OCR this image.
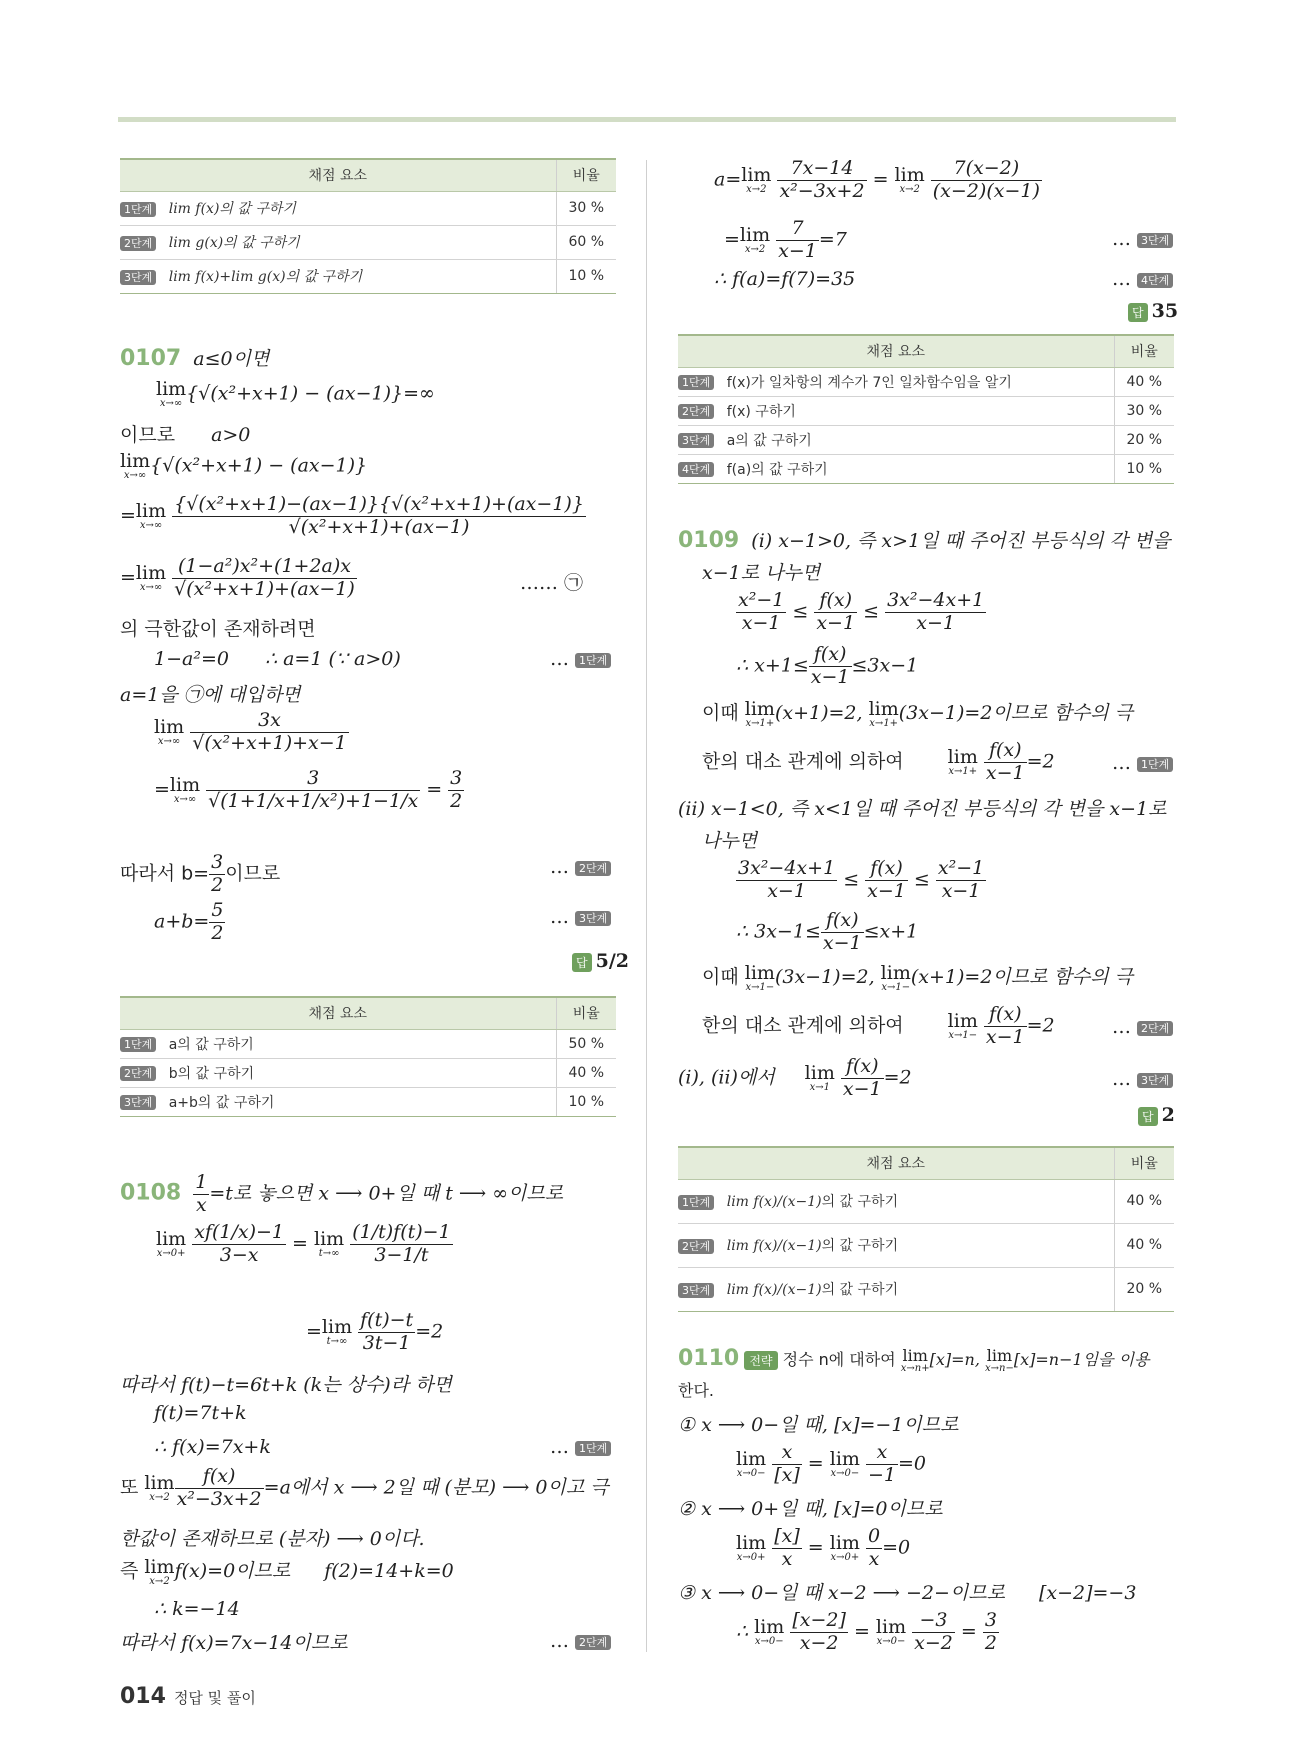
채점 요소	비율
1단계 lim f(x)의 값 구하기	30 %
2단계 lim g(x)의 값 구하기	60 %
3단계 lim f(x)+lim g(x)의 값 구하기	10 %
0107 a≤0이면
lim
x→∞ {√(x²+x+1) − (ax−1)}=∞
이므로 a>0
lim
x→∞ {√(x²+x+1) − (ax−1)}
= lim
x→∞
$\frac{\text{\{√(x²+x+1)−(ax−1)\}\{√(x²+x+1)+(ax−1)\}}}{\text{√(x²+x+1)+(ax−1)}}$
= lim
x→∞
$\frac{\text{(1−a²)x²+(1+2a)x}}{\text{√(x²+x+1)+(ax−1)}}$	…… ㉠
의 극한값이 존재하려면
1−a²=0 ∴ a=1 (∵ a>0)	… 1단계
a=1을 ㉠에 대입하면
lim
x→∞
$\frac{3x}{\text{√(x²+x+1)+x−1}}$
= lim
x→∞
$\frac{3}{\text{√(1+1/x+1/x²)+1−1/x}} = \frac{3}{2}$
따라서 $b= \frac{3}{2}$ 이므로	… 2단계
$a+b= \frac{5}{2}$	… 3단계
답 5/2
채점 요소	비율
1단계 a의 값 구하기	50 %
2단계 b의 값 구하기	40 %
3단계 a+b의 값 구하기	10 %
$0108 \frac{1}{x} =t$로 놓으면 x ⟶ 0+일 때 t ⟶ ∞이므로
lim
x→0+
$\frac{xf(1/x)-1}{3-x} = \lim$
t→∞
$\frac{(1/t)f(t)-1}{3-1/t}$
= lim
t→∞
$\frac{f(t)-t}{3t-1} =2$
따라서 f(t)−t=6t+k (k는 상수)라 하면
f(t)=7t+k
∴ f(x)=7x+k	… 1단계
또 lim
$x\to 2 \frac{f(x)}{\text{x²−3x+2}} =a$에서 x ⟶ 2일 때 (분모) ⟶ 0이고 극
한값이 존재하므로 (분자) ⟶ 0이다.
즉 lim
x→2 f(x)=0이므로 f(2)=14+k=0
∴ k=−14
따라서 f(x)=7x−14이므로	… 2단계
a= lim
x→2
$\frac{7x-14}{\text{x²−3x+2}} = \lim$
x→2
$\frac{7(x-2)}{(x-2)(x-1)}$
= lim
x→2
$\frac{7}{x-1} =7$	… 3단계
∴ f(a)=f(7)=35	… 4단계
답 35
채점 요소	비율
1단계 f(x)가 일차항의 계수가 7인 일차함수임을 알기	40 %
2단계 f(x) 구하기	30 %
3단계 a의 값 구하기	20 %
4단계 f(a)의 값 구하기	10 %
0109 (ⅰ) x−1>0, 즉 x>1일 때 주어진 부등식의 각 변을
x−1로 나누면
$\frac{\text{x²−1}}{x-1} \le \frac{f(x)}{x-1} \le \frac{\text{3x²−4x+1}}{x-1}$
∴ $x+1\le \frac{f(x)}{x-1} \le 3x-1$
이때 lim
x→1+ (x+1)=2, lim
x→1+ (3x−1)=2이므로 함수의 극
한의 대소 관계에 의하여 lim
x→1+
$\frac{f(x)}{x-1} =2$	… 1단계
(ⅱ) x−1<0, 즉 x<1일 때 주어진 부등식의 각 변을 x−1로
나누면
$\frac{\text{3x²−4x+1}}{x-1} \le \frac{f(x)}{x-1} \le \frac{\text{x²−1}}{x-1}$
∴ $3x-1\le \frac{f(x)}{x-1} \le x+1$
이때 lim
x→1− (3x−1)=2, lim
x→1− (x+1)=2이므로 함수의 극
한의 대소 관계에 의하여 lim
x→1−
$\frac{f(x)}{x-1} =2$	… 2단계
(ⅰ), (ⅱ)에서 lim
x→1
$\frac{f(x)}{x-1} =2$	… 3단계
답 2
채점 요소	비율
1단계 lim f(x)/(x−1)의 값 구하기	40 %
2단계 lim f(x)/(x−1)의 값 구하기	40 %
3단계 lim f(x)/(x−1)의 값 구하기	20 %
0110 전략 정수 n에 대하여 lim
x→n+ [x]=n, lim
x→n− [x]=n−1임을 이용
한다.
① x ⟶ 0−일 때, [x]=−1이므로
lim
x→0−
$\frac{x}{[x]} = \lim$
x→0−
$\frac{x}{-1} =0$
② x ⟶ 0+일 때, [x]=0이므로
lim
x→0+
$\frac{[x]}{x} = \lim$
x→0+
$\frac{0}{x} =0$
③ x ⟶ 0−일 때 x−2 ⟶ −2−이므로 [x−2]=−3
∴ lim
x→0−
$\frac{[x-2]}{x-2} = \lim$
x→0−
$\frac{-3}{x-2} = \frac{3}{2}$
014 정답 및 풀이
